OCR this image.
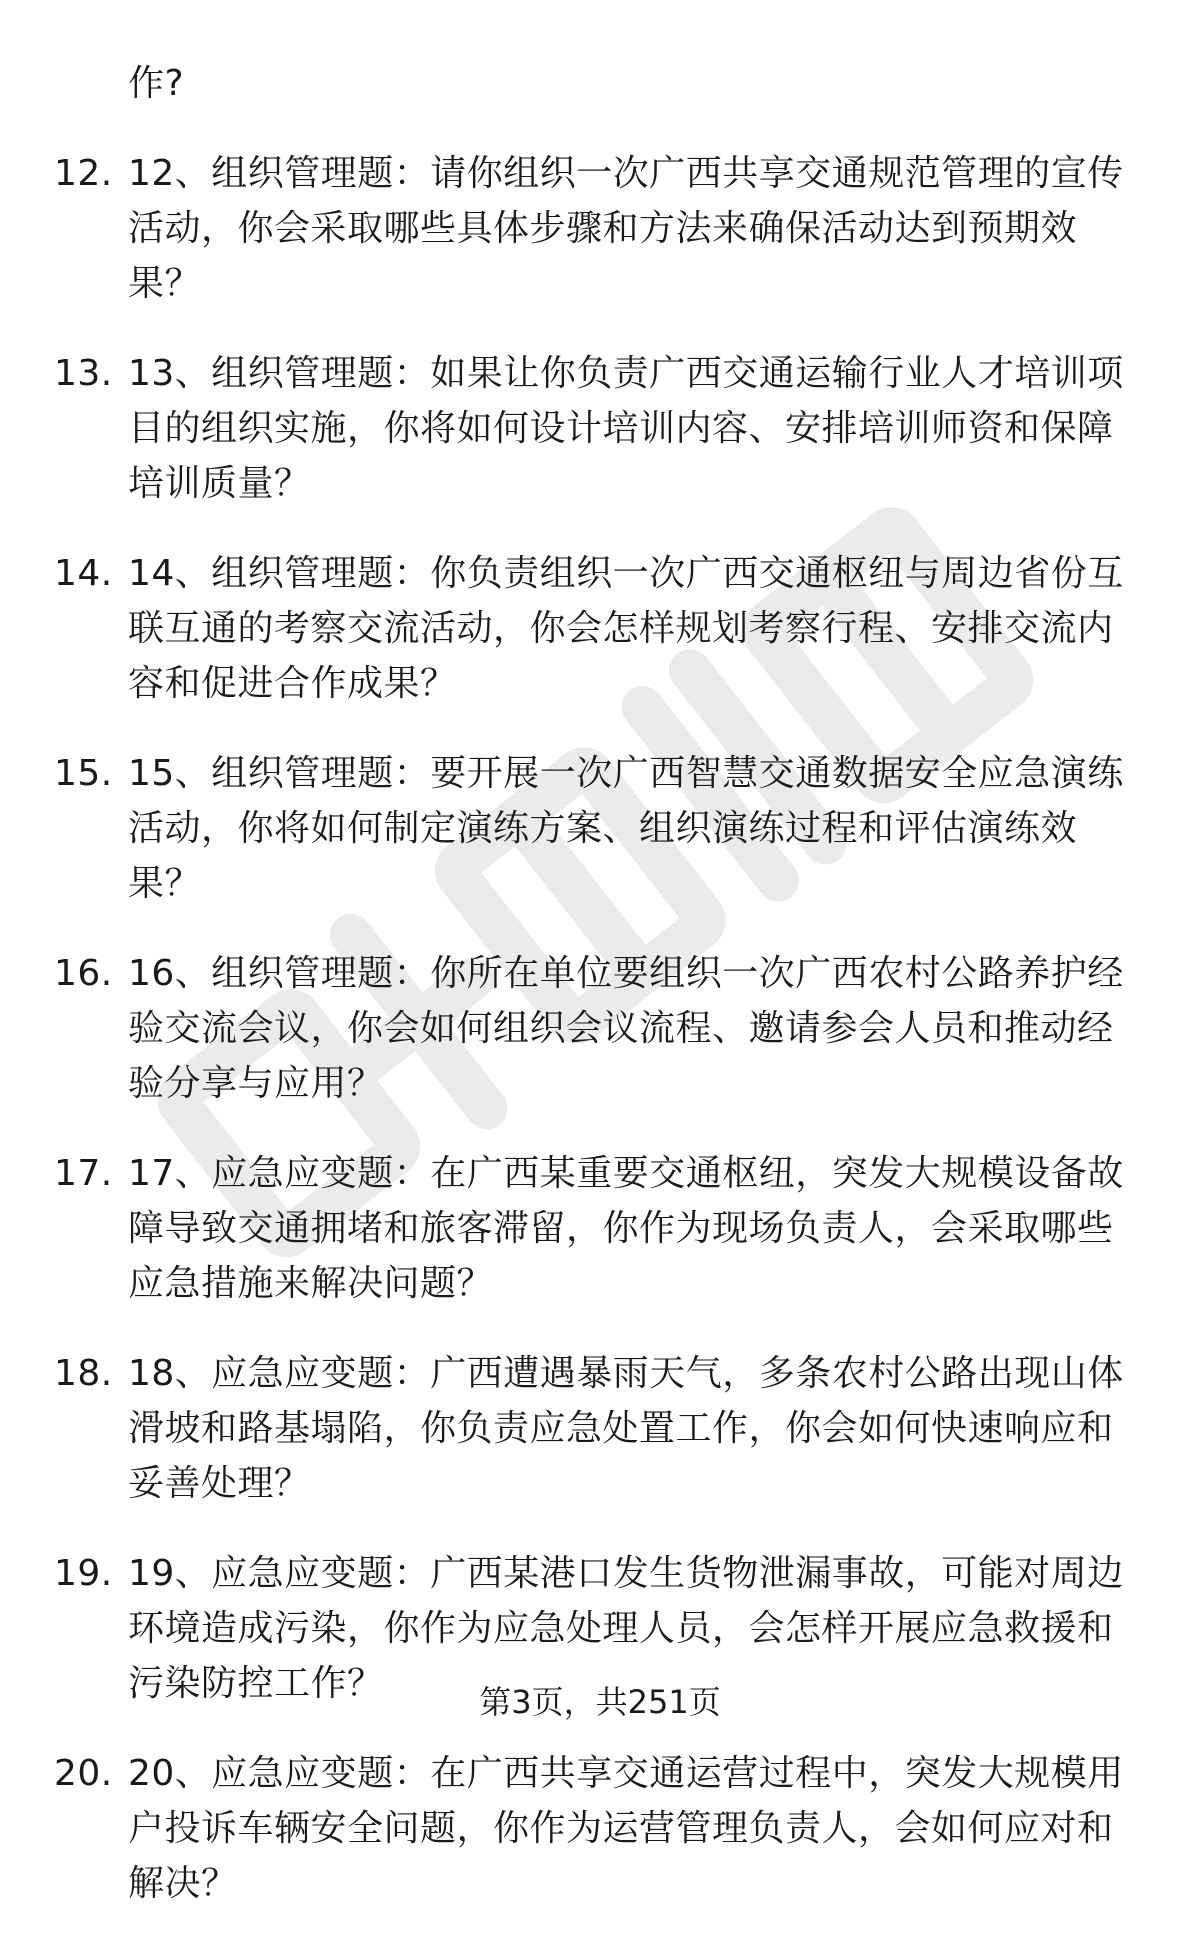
作?

12. 12、组织管理题：请你组织一次广西共享交通规范管理的宣传活动，你会采取哪些具体步骤和方法来确保活动达到预期效果？
13. 13、组织管理题：如果让你负责广西交通运输行业人才培训项目的组织实施，你将如何设计培训内容、安排培训师资和保障培训质量？
14. 14、组织管理题：你负责组织一次广西交通枢纽与周边省份互联互通的考察交流活动，你会怎样规划考察行程、安排交流内容和促进合作成果？
15. 15、组织管理题：要开展一次广西智慧交通数据安全应急演练活动，你将如何制定演练方案、组织演练过程和评估演练效果？
16. 16、组织管理题：你所在单位要组织一次广西农村公路养护经验交流会议，你会如何组织会议流程、邀请参会人员和推动经验分享与应用？
17. 17、应急应变题：在广西某重要交通枢纽，突发大规模设备故障导致交通拥堵和旅客滞留，你作为现场负责人，会采取哪些应急措施来解决问题？
18. 18、应急应变题：广西遭遇暴雨天气，多条农村公路出现山体滑坡和路基塌陷，你负责应急处置工作，你会如何快速响应和妥善处理？
19. 19、应急应变题：广西某港口发生货物泄漏事故，可能对周边环境造成污染，你作为应急处理人员，会怎样开展应急救援和污染防控工作？
20. 20、应急应变题：在广西共享交通运营过程中，突发大规模用户投诉车辆安全问题，你作为运营管理负责人，会如何应对和解决？
第3页，共251页
